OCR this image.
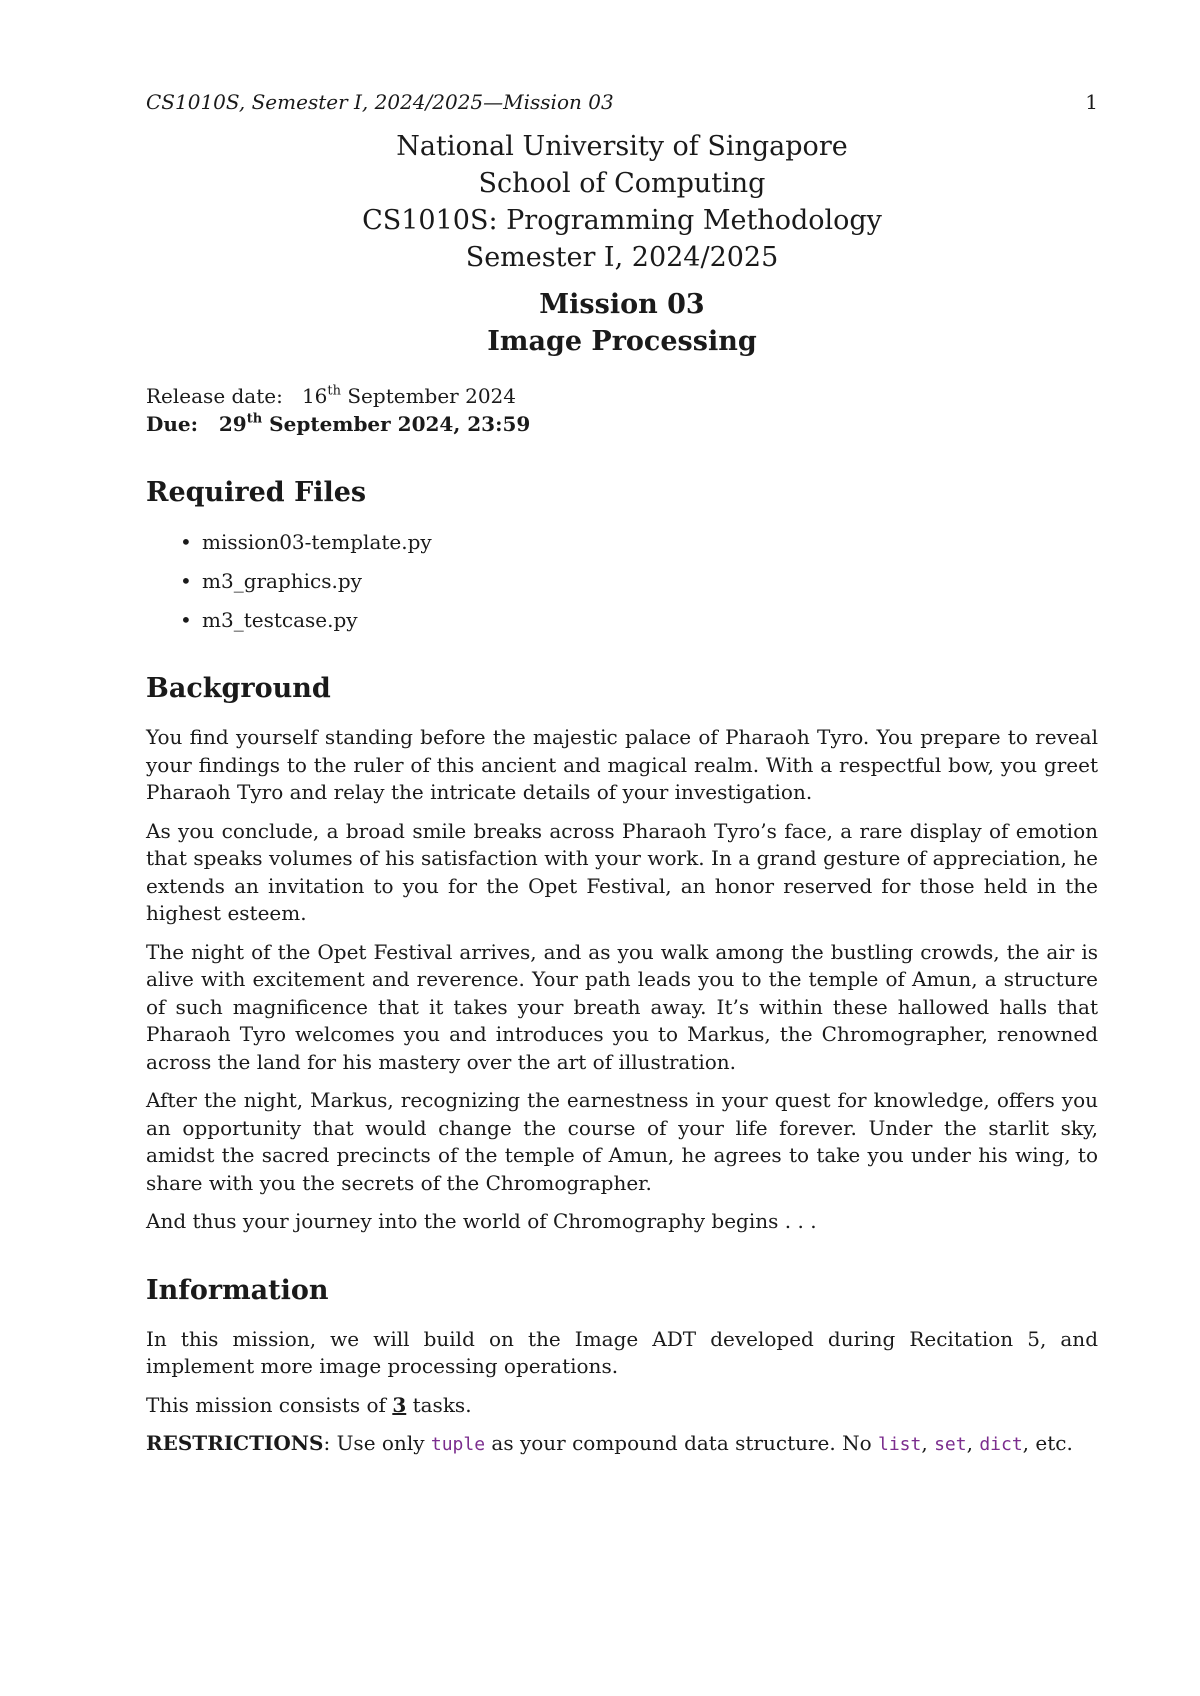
CS1010S, Semester I, 2024/2025—Mission 03	1
National University of Singapore
School of Computing
CS1010S: Programming Methodology
Semester I, 2024/2025
Mission 03
Image Processing
Release date: 16th September 2024
Due: 29th September 2024, 23:59
Required Files
• mission03-template.py
• m3_graphics.py
• m3_testcase.py
Background

You find yourself standing before the majestic palace of Pharaoh Tyro. You prepare to reveal your findings to the ruler of this ancient and magical realm. With a respectful bow, you greet Pharaoh Tyro and relay the intricate details of your investigation.

As you conclude, a broad smile breaks across Pharaoh Tyro’s face, a rare display of emotion that speaks volumes of his satisfaction with your work. In a grand gesture of appreciation, he extends an invitation to you for the Opet Festival, an honor reserved for those held in the highest esteem.

The night of the Opet Festival arrives, and as you walk among the bustling crowds, the air is alive with excitement and reverence. Your path leads you to the temple of Amun, a structure of such magnificence that it takes your breath away. It’s within these hallowed halls that Pharaoh Tyro welcomes you and introduces you to Markus, the Chromographer, renowned across the land for his mastery over the art of illustration.

After the night, Markus, recognizing the earnestness in your quest for knowledge, offers you an opportunity that would change the course of your life forever. Under the starlit sky, amidst the sacred precincts of the temple of Amun, he agrees to take you under his wing, to share with you the secrets of the Chromographer.

And thus your journey into the world of Chromography begins . . .

Information

In this mission, we will build on the Image ADT developed during Recitation 5, and implement more image processing operations.

This mission consists of 3 tasks.

RESTRICTIONS: Use only tuple as your compound data structure. No list, set, dict, etc.
